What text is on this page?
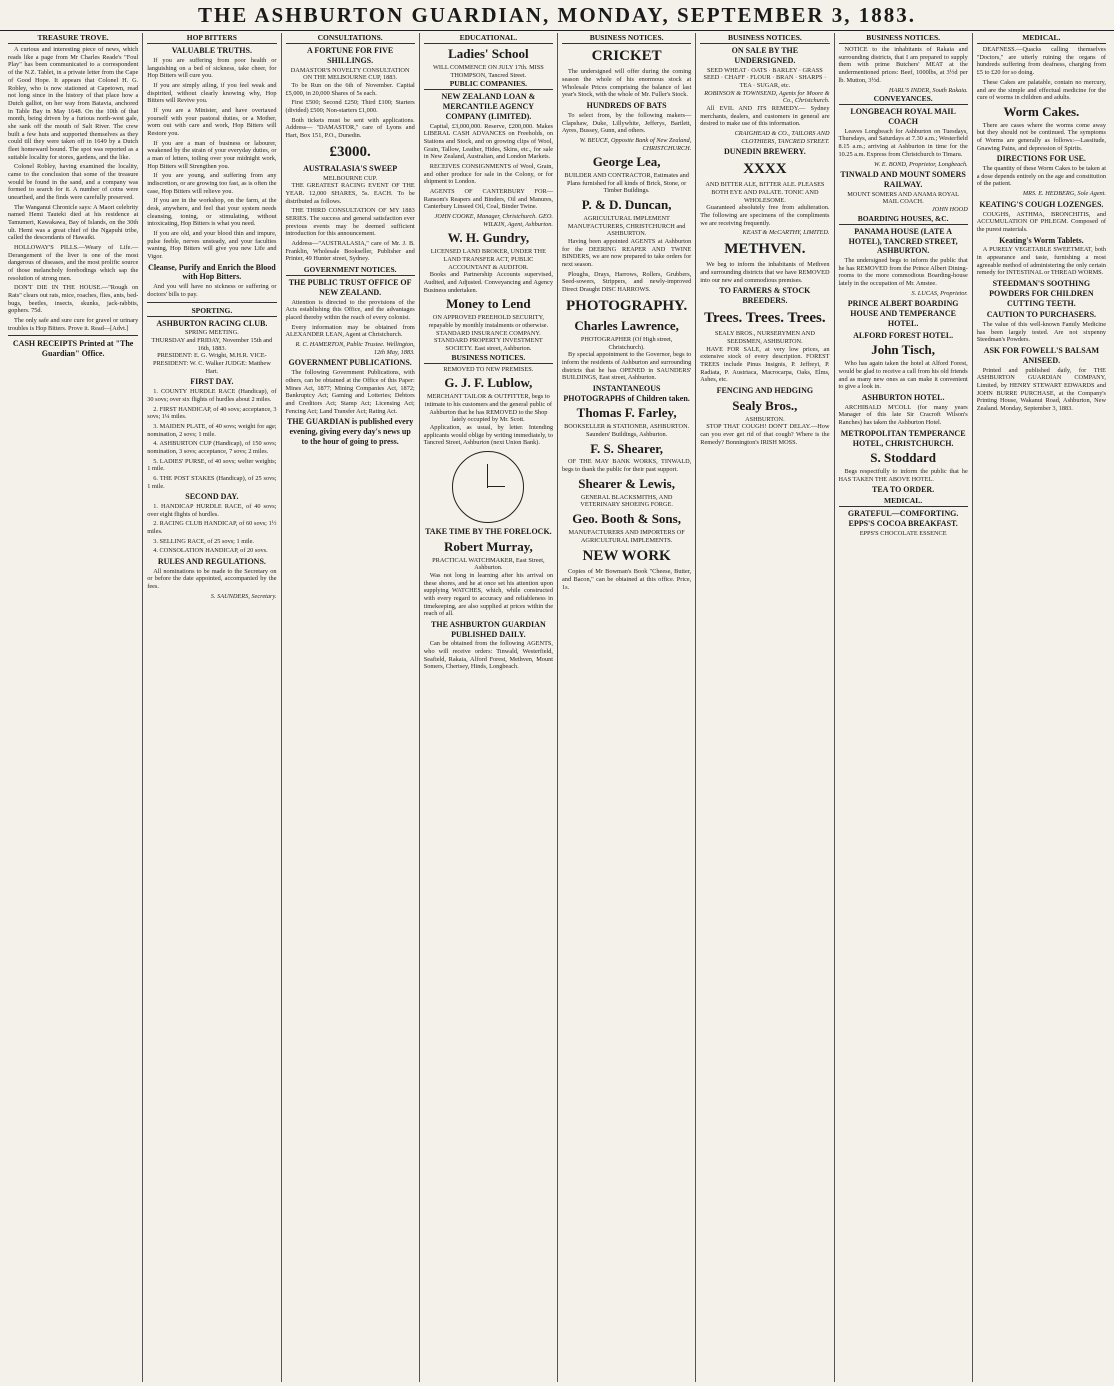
THE ASHBURTON GUARDIAN, MONDAY, SEPTEMBER 3, 1883.
TREASURE TROVE.

A curious and interesting piece of news, which reads like a page from Mr Charles Reade's "Foul Play" has been communicated to a correspondent of the N.Z. Tablet, in a private letter from the Cape of Good Hope. It appears that Colonel H. G. Robley, who is now stationed at Capetown, read not long since in the history of that place how a Dutch galliot, on her way from Batavia, anchored in Table Bay in May 1648. On the 10th of that month, being driven by a furious north-west gale, she sank off the mouth of Salt River. The crew built a few huts and supported themselves as they could till they were taken off in 1649 by a Dutch fleet homeward bound. The spot was reported as a suitable locality for stores, gardens, and the like.

Colonel Robley, having examined the locality, came to the conclusion that some of the treasure would be found in the sand, and a company was formed to search for it. A number of coins were unearthed, and the finds were carefully preserved.

The Wanganui Chronicle says: A Maori celebrity named Hemi Tauteki died at his residence at Tamumeri, Kawakawa, Bay of Islands, on the 30th ult. Hemi was a great chief of the Ngapuhi tribe, called the descendants of Hawaiki.

HOLLOWAY'S PILLS.—Weary of Life.—Derangement of the liver is one of the most dangerous of diseases, and the most prolific source of those melancholy forebodings which sap the resolution of strong men.

DON'T DIE IN THE HOUSE.—"Rough on Rats" clears out rats, mice, roaches, flies, ants, bed-bugs, beetles, insects, skunks, jack-rabbits, gophers. 75d.

The only safe and sure cure for gravel or urinary troubles is Hop Bitters. Prove it. Read—[Advt.]

CASH RECEIPTS Printed at "The Guardian" Office.
HOP BITTERS
VALUABLE TRUTHS.

If you are suffering from poor health or languishing on a bed of sickness, take cheer, for Hop Bitters will cure you.

If you are simply ailing, if you feel weak and dispirited, without clearly knowing why, Hop Bitters will Revive you.

If you are a Minister, and have overtaxed yourself with your pastoral duties, or a Mother, worn out with care and work, Hop Bitters will Restore you.

If you are a man of business or labourer, weakened by the strain of your everyday duties, or a man of letters, toiling over your midnight work, Hop Bitters will Strengthen you.

If you are young, and suffering from any indiscretion, or are growing too fast, as is often the case, Hop Bitters will relieve you.

If you are in the workshop, on the farm, at the desk, anywhere, and feel that your system needs cleansing, toning, or stimulating, without intoxicating, Hop Bitters is what you need.

If you are old, and your blood thin and impure, pulse feeble, nerves unsteady, and your faculties waning, Hop Bitters will give you new Life and Vigor.

Cleanse, Purify and Enrich the Blood with Hop Bitters.

And you will have no sickness or suffering or doctors' bills to pay.

SPORTING.
ASHBURTON RACING CLUB.
SPRING MEETING.
THURSDAY and FRIDAY, November 15th and 16th, 1883.
PRESIDENT: E. G. Wright, M.H.R. VICE-PRESIDENT: W. C. Walker JUDGE: Matthew Hart.
FIRST DAY.

1. COUNTY HURDLE RACE (Handicap), of 30 sovs; over six flights of hurdles about 2 miles.

2. FIRST HANDICAP, of 40 sovs; acceptance, 3 sovs; 1¼ miles.

3. MAIDEN PLATE, of 40 sovs; weight for age; nomination, 2 sovs; 1 mile.

4. ASHBURTON CUP (Handicap), of 150 sovs; nomination, 3 sovs; acceptance, 7 sovs; 2 miles.

5. LADIES' PURSE, of 40 sovs; welter weights; 1 mile.

6. THE POST STAKES (Handicap), of 25 sovs; 1 mile.

SECOND DAY.

1. HANDICAP HURDLE RACE, of 40 sovs; over eight flights of hurdles.

2. RACING CLUB HANDICAP, of 60 sovs; 1½ miles.

3. SELLING RACE, of 25 sovs; 1 mile.

4. CONSOLATION HANDICAP, of 20 sovs.

RULES AND REGULATIONS.

All nominations to be made to the Secretary on or before the date appointed, accompanied by the fees.

S. SAUNDERS, Secretary.
CONSULTATIONS.
A FORTUNE FOR FIVE SHILLINGS.
DAMASTOR'S NOVELTY CONSULTATION ON THE MELBOURNE CUP, 1883.

To be Run on the 6th of November. Capital £5,000, in 20,000 Shares of 5s each.

First £500; Second £250; Third £100; Starters (divided) £500; Non-starters £1,000.

Both tickets must be sent with applications. Address— "DAMASTOR," care of Lyons and Hart, Box 151, P.O., Dunedin.

£3000.
AUSTRALASIA'S SWEEP
MELBOURNE CUP.

THE GREATEST RACING EVENT OF THE YEAR. 12,000 SHARES, 5s. EACH. To be distributed as follows.

THE THIRD CONSULTATION OF MY 1883 SERIES. The success and general satisfaction ever previous events may be deemed sufficient introduction for this announcement.

Address—"AUSTRALASIA," care of Mr. J. B. Franklin, Wholesale Bookseller, Publisher and Printer, 49 Hunter street, Sydney.

GOVERNMENT NOTICES.
THE PUBLIC TRUST OFFICE OF NEW ZEALAND.

Attention is directed to the provisions of the Acts establishing this Office, and the advantages placed thereby within the reach of every colonist.

Every information may be obtained from ALEXANDER LEAN, Agent at Christchurch.

R. C. HAMERTON, Public Trustee. Wellington, 12th May, 1883.
GOVERNMENT PUBLICATIONS.

The following Government Publications, with others, can be obtained at the Office of this Paper: Mines Act, 1877; Mining Companies Act, 1872; Bankruptcy Act; Gaming and Lotteries; Debtors and Creditors Act; Stamp Act; Licensing Act; Fencing Act; Land Transfer Act; Rating Act.

THE GUARDIAN is published every evening, giving every day's news up to the hour of going to press.
EDUCATIONAL.
Ladies' School
WILL COMMENCE ON JULY 17th. MISS THOMPSON, Tancred Street.
PUBLIC COMPANIES.
NEW ZEALAND LOAN & MERCANTILE AGENCY COMPANY (LIMITED).

Capital, £3,000,000. Reserve, £200,000. Makes LIBERAL CASH ADVANCES on Freeholds, on Stations and Stock, and on growing clips of Wool, Grain, Tallow, Leather, Hides, Skins, etc., for sale in New Zealand, Australian, and London Markets.

RECEIVES CONSIGNMENTS of Wool, Grain, and other produce for sale in the Colony, or for shipment to London.

AGENTS OF CANTERBURY FOR— Ransom's Reapers and Binders, Oil and Manures, Canterbury Linseed Oil, Coal, Binder Twine.

JOHN COOKE, Manager, Christchurch. GEO. WILKIN, Agent, Ashburton.
W. H. Gundry,
LICENSED LAND BROKER, UNDER THE LAND TRANSFER ACT, PUBLIC ACCOUNTANT & AUDITOR.

Books and Partnership Accounts supervised, Audited, and Adjusted. Conveyancing and Agency Business undertaken.

Money to Lend
ON APPROVED FREEHOLD SECURITY, repayable by monthly instalments or otherwise.
STANDARD INSURANCE COMPANY. STANDARD PROPERTY INVESTMENT SOCIETY. East street, Ashburton.
BUSINESS NOTICES.
REMOVED TO NEW PREMISES.
G. J. F. Lublow,
MERCHANT TAILOR & OUTFITTER, begs to intimate to his customers and the general public of Ashburton that he has REMOVED to the Shop lately occupied by Mr. Scott.

Application, as usual, by letter. Intending applicants would oblige by writing immediately, to Tancred Street, Ashburton (next Union Bank).

TAKE TIME BY THE FORELOCK.
Robert Murray,
PRACTICAL WATCHMAKER, East Street, Ashburton.

Was not long in learning after his arrival on these shores, and he at once set his attention upon supplying WATCHES, which, while constructed with every regard to accuracy and reliableness in timekeeping, are also supplied at prices within the reach of all.

THE ASHBURTON GUARDIAN PUBLISHED DAILY.

Can be obtained from the following AGENTS, who will receive orders: Tinwald, Westerfield, Seafield, Rakaia, Alford Forest, Methven, Mount Somers, Chertsey, Hinds, Longbeach.

BUSINESS NOTICES.
CRICKET

The undersigned will offer during the coming season the whole of his enormous stock at Wholesale Prices comprising the balance of last year's Stock, with the whole of Mr. Fuller's Stock.

HUNDREDS OF BATS

To select from, by the following makers— Clapshaw, Duke, Lillywhite, Jefferys, Bartlett, Ayres, Bussey, Gunn, and others.

W. BEUCE, Opposite Bank of New Zealand, CHRISTCHURCH.
George Lea,
BUILDER AND CONTRACTOR, Estimates and Plans furnished for all kinds of Brick, Stone, or Timber Buildings.
P. & D. Duncan,
AGRICULTURAL IMPLEMENT MANUFACTURERS, CHRISTCHURCH and ASHBURTON.

Having been appointed AGENTS at Ashburton for the DEERING REAPER AND TWINE BINDERS, we are now prepared to take orders for next season.

Ploughs, Drays, Harrows, Rollers, Grubbers, Seed-sowers, Strippers, and newly-improved Direct Draught DISC HARROWS.

PHOTOGRAPHY.
Charles Lawrence,
PHOTOGRAPHER (Of High street, Christchurch).

By special appointment to the Governor, begs to inform the residents of Ashburton and surrounding districts that he has OPENED in SAUNDERS' BUILDINGS, East street, Ashburton.

INSTANTANEOUS PHOTOGRAPHS of Children taken.
Thomas F. Farley,
BOOKSELLER & STATIONER, ASHBURTON. Saunders' Buildings, Ashburton.
F. S. Shearer,

OF THE MAY BANK WORKS, TINWALD, begs to thank the public for their past support.

Shearer & Lewis,
GENERAL BLACKSMITHS, AND VETERINARY SHOEING FORGE.
Geo. Booth & Sons,
MANUFACTURERS AND IMPORTERS OF AGRICULTURAL IMPLEMENTS.
NEW WORK

Copies of Mr Bowman's Book "Cheese, Butter, and Bacon," can be obtained at this office. Price, 1s.

BUSINESS NOTICES.
ON SALE BY THE UNDERSIGNED.
SEED WHEAT · OATS · BARLEY · GRASS SEED · CHAFF · FLOUR · BRAN · SHARPS · TEA · SUGAR, etc.
ROBINSON & TOWNSEND, Agents for Moore & Co., Christchurch.

All EVIL AND ITS REMEDY.— Sydney merchants, dealers, and customers in general are desired to make use of this information.

CRAIGHEAD & CO., TAILORS AND CLOTHIERS, TANCRED STREET.
DUNEDIN BREWERY.
XXXX
AND BITTER ALE, BITTER ALE. PLEASES BOTH EYE AND PALATE. TONIC AND WHOLESOME.

Guaranteed absolutely free from adulteration. The following are specimens of the compliments we are receiving frequently.

KEAST & McCARTHY, LIMITED.
METHVEN.

We beg to inform the inhabitants of Methven and surrounding districts that we have REMOVED into our new and commodious premises.

TO FARMERS & STOCK BREEDERS.
Trees. Trees. Trees.
SEALY BROS., NURSERYMEN AND SEEDSMEN, ASHBURTON.

HAVE FOR SALE, at very low prices, an extensive stock of every description. FOREST TREES include Pinus Insignis, P. Jeffreyi, P. Radiata, P. Austriaca, Macrocarpa, Oaks, Elms, Ashes, etc.

FENCING AND HEDGING
Sealy Bros.,
ASHBURTON.

STOP THAT COUGH! DON'T DELAY.—How can you ever get rid of that cough? Where is the Remedy? Bonnington's IRISH MOSS.

BUSINESS NOTICES.

NOTICE to the inhabitants of Rakaia and surrounding districts, that I am prepared to supply them with prime Butchers' MEAT at the undermentioned prices: Beef, 1000lbs, at 3½d per lb. Mutton, 3½d.

HARL'S INDER, South Rakaia.
CONVEYANCES.
LONGBEACH ROYAL MAIL COACH

Leaves Longbeach for Ashburton on Tuesdays, Thursdays, and Saturdays at 7.30 a.m.; Westerfield 8.15 a.m.; arriving at Ashburton in time for the 10.25 a.m. Express from Christchurch to Timaru.

W. E. BOND, Proprietor, Longbeach.
TINWALD AND MOUNT SOMERS RAILWAY.
MOUNT SOMERS AND ANAMA ROYAL MAIL COACH.
JOHN HOOD
BOARDING HOUSES, &C.
PANAMA HOUSE (LATE A HOTEL), TANCRED STREET, ASHBURTON.

The undersigned begs to inform the public that he has REMOVED from the Prince Albert Dining-rooms to the more commodious Boarding-house lately in the occupation of Mr. Amstee.

S. LUCAS, Proprietor.
PRINCE ALBERT BOARDING HOUSE AND TEMPERANCE HOTEL.
ALFORD FOREST HOTEL.
John Tisch,

Who has again taken the hotel at Alford Forest, would be glad to receive a call from his old friends and as many new ones as can make it convenient to give a look in.

ASHBURTON HOTEL.

ARCHIBALD M'COLL (for many years Manager of this late Sir Cracroft Wilson's Ranches) has taken the Ashburton Hotel.

METROPOLITAN TEMPERANCE HOTEL, CHRISTCHURCH.
S. Stoddard

Begs respectfully to inform the public that he HAS TAKEN THE ABOVE HOTEL.

TEA TO ORDER.
MEDICAL.
GRATEFUL—COMFORTING. EPPS'S COCOA BREAKFAST.
EPPS'S CHOCOLATE ESSENCE
MEDICAL.

DEAFNESS.—Quacks calling themselves "Doctors," are utterly ruining the organs of hundreds suffering from deafness, charging from £5 to £20 for so doing.

These Cakes are palatable, contain no mercury, and are the simple and effectual medicine for the cure of worms in children and adults.

Worm Cakes.

There are cases where the worms come away but they should not be continued. The symptoms of Worms are generally as follows:—Lassitude, Gnawing Pains, and depression of Spirits.

DIRECTIONS FOR USE.

The quantity of these Worm Cakes to be taken at a dose depends entirely on the age and constitution of the patient.

MRS. E. HEDBERG, Sole Agent.
KEATING'S COUGH LOZENGES.

COUGHS, ASTHMA, BRONCHITIS, and ACCUMULATION OF PHLEGM. Composed of the purest materials.

Keating's Worm Tablets.

A PURELY VEGETABLE SWEETMEAT, both in appearance and taste, furnishing a most agreeable method of administering the only certain remedy for INTESTINAL or THREAD WORMS.

STEEDMAN'S SOOTHING POWDERS FOR CHILDREN CUTTING TEETH.
CAUTION TO PURCHASERS.

The value of this well-known Family Medicine has been largely tested. Are not sixpenny Steedman's Powders.

ASK FOR FOWELL'S BALSAM ANISEED.

Printed and published daily, for THE ASHBURTON GUARDIAN COMPANY, Limited, by HENRY STEWART EDWARDS and JOHN BURRE PURCHASE, at the Company's Printing House, Wakanui Road, Ashburton, New Zealand. Monday, September 3, 1883.
